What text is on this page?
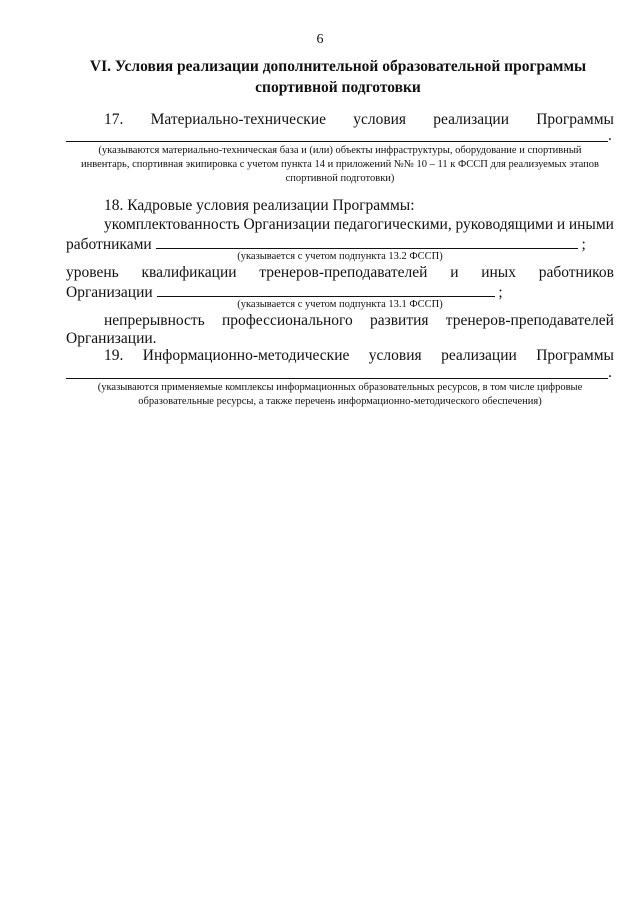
6
VI. Условия реализации дополнительной образовательной программы
спортивной подготовки
17. Материально-технические условия реализации Программы
.
(указываются материально-техническая база и (или) объекты инфраструктуры, оборудование и спортивный
инвентарь, спортивная экипировка с учетом пункта 14 и приложений №№ 10 – 11 к ФССП для реализуемых этапов
спортивной подготовки)
18. Кадровые условия реализации Программы:
укомплектованность Организации педагогическими, руководящими и иными
работниками	;
(указывается с учетом подпункта 13.2 ФССП)
уровень квалификации тренеров-преподавателей и иных работников
Организации	;
(указывается с учетом подпункта 13.1 ФССП)
непрерывность профессионального развития тренеров-преподавателей
Организации.
19. Информационно-методические условия реализации Программы
.
(указываются применяемые комплексы информационных образовательных ресурсов, в том числе цифровые
образовательные ресурсы, а также перечень информационно-методического обеспечения)
